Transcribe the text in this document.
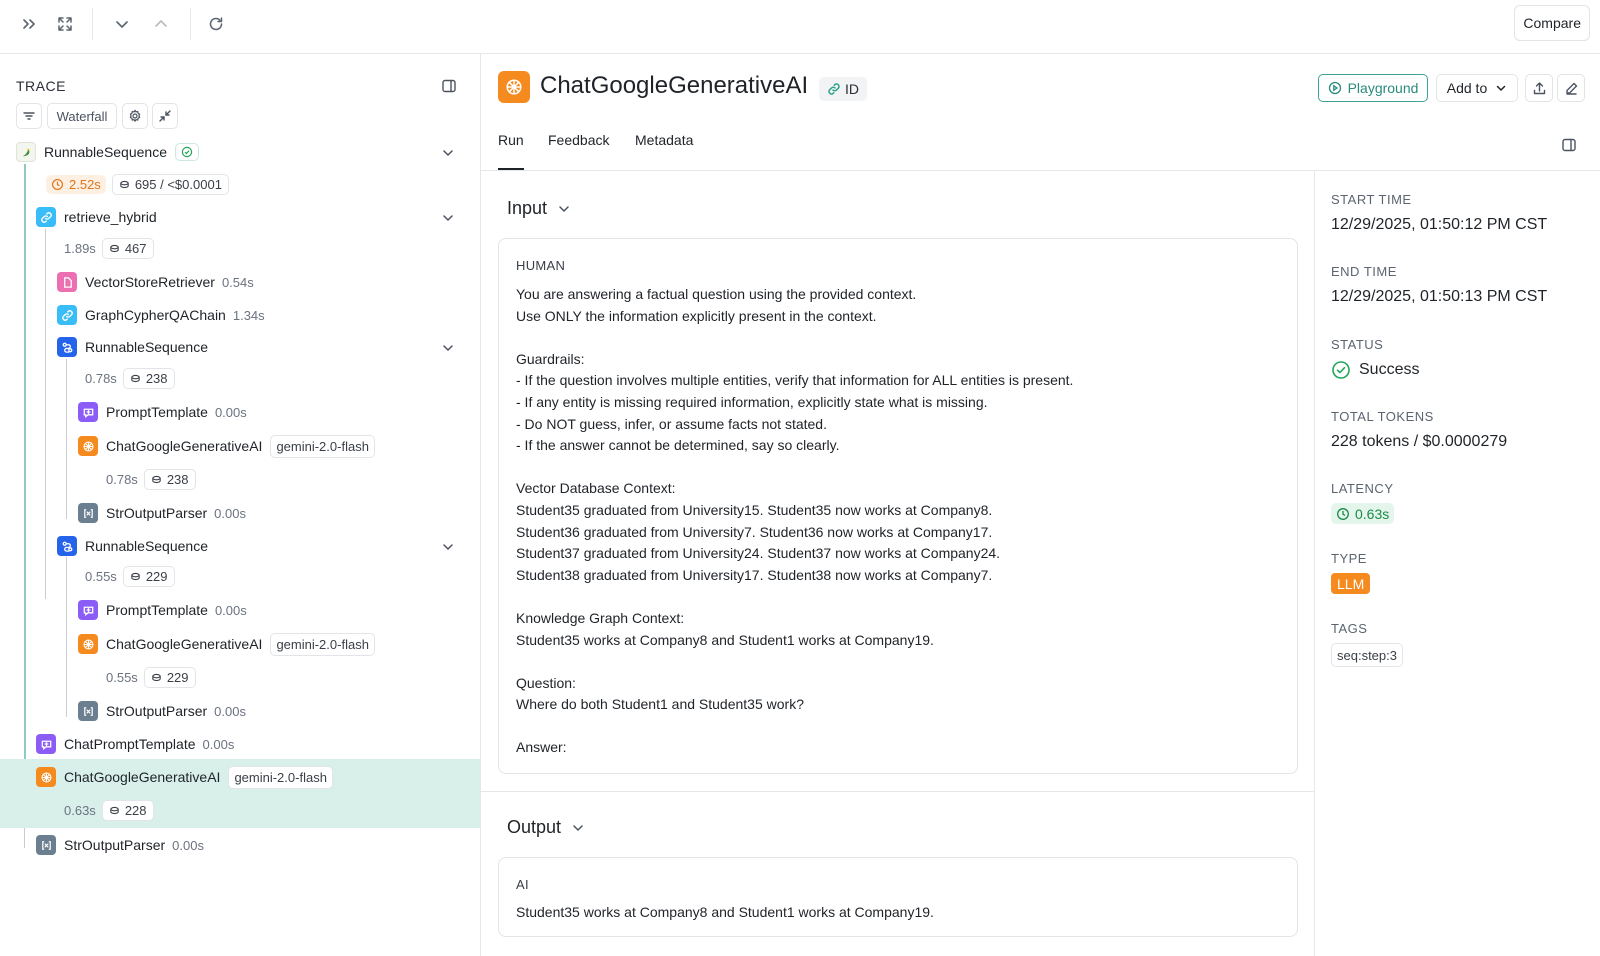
Compare
TRACE
Waterfall
RunnableSequence
2.52s	695 / <$0.0001
retrieve_hybrid
1.89s 467
VectorStoreRetriever 0.54s
GraphCypherQAChain 1.34s
RunnableSequence
0.78s 238
PromptTemplate 0.00s
ChatGoogleGenerativeAI	gemini-2.0-flash
0.78s 238
StrOutputParser 0.00s
RunnableSequence
0.55s 229
PromptTemplate 0.00s
ChatGoogleGenerativeAI	gemini-2.0-flash
0.55s 229
StrOutputParser 0.00s
ChatPromptTemplate 0.00s
ChatGoogleGenerativeAI	gemini-2.0-flash
0.63s 228
StrOutputParser 0.00s
ChatGoogleGenerativeAI	ID	Playground Add to
Run Feedback Metadata
Input
HUMAN
You are answering a factual question using the provided context.
Use ONLY the information explicitly present in the context.

Guardrails:
- If the question involves multiple entities, verify that information for ALL entities is present.
- If any entity is missing required information, explicitly state what is missing.
- Do NOT guess, infer, or assume facts not stated.
- If the answer cannot be determined, say so clearly.

Vector Database Context:
Student35 graduated from University15. Student35 now works at Company8.
Student36 graduated from University7. Student36 now works at Company17.
Student37 graduated from University24. Student37 now works at Company24.
Student38 graduated from University17. Student38 now works at Company7.

Knowledge Graph Context:
Student35 works at Company8 and Student1 works at Company19.

Question:
Where do both Student1 and Student35 work?

Answer:
Output
AI
Student35 works at Company8 and Student1 works at Company19.
START TIME
12/29/2025, 01:50:12 PM CST
END TIME
12/29/2025, 01:50:13 PM CST
STATUS
Success
TOTAL TOKENS
228 tokens / $0.0000279
LATENCY
0.63s
TYPE
LLM
TAGS
seq:step:3
